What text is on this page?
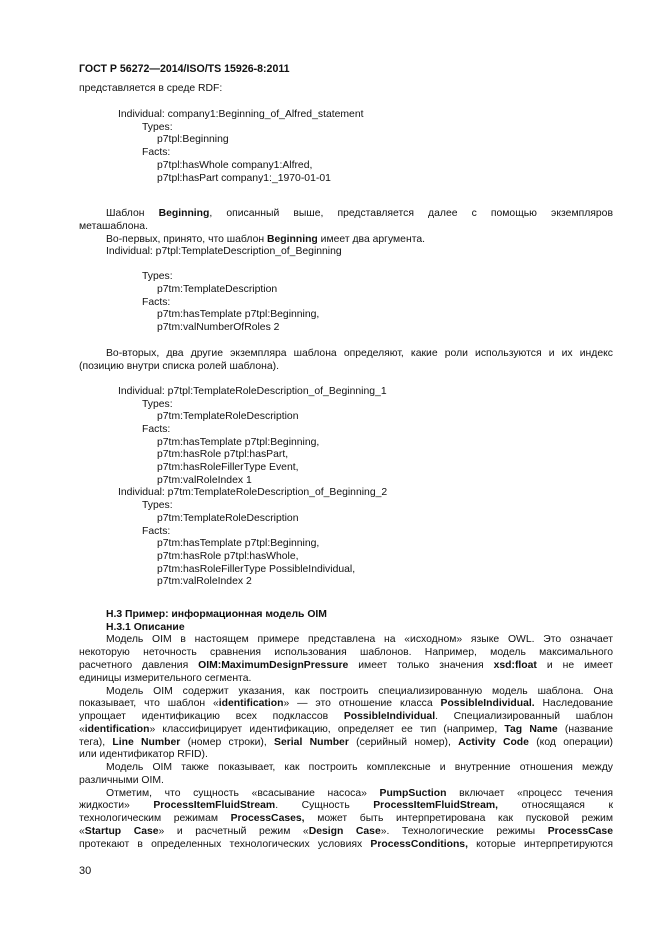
ГОСТ Р 56272—2014/ISO/TS 15926-8:2011
представляется в среде RDF:
Individual: company1:Beginning_of_Alfred_statement
Types:
p7tpl:Beginning
Facts:
p7tpl:hasWhole company1:Alfred,
p7tpl:hasPart company1:_1970-01-01
Шаблон Beginning, описанный выше, представляется далее с помощью экземпляров
меташаблона.
Во-первых, принято, что шаблон Beginning имеет два аргумента.
Individual: p7tpl:TemplateDescription_of_Beginning
Types:
p7tm:TemplateDescription
Facts:
p7tm:hasTemplate p7tpl:Beginning,
p7tm:valNumberOfRoles 2
Во-вторых, два другие экземпляра шаблона определяют, какие роли используются и их индекс
(позицию внутри списка ролей шаблона).
Individual: p7tpl:TemplateRoleDescription_of_Beginning_1
Types:
p7tm:TemplateRoleDescription
Facts:
p7tm:hasTemplate p7tpl:Beginning,
p7tm:hasRole p7tpl:hasPart,
p7tm:hasRoleFillerType Event,
p7tm:valRoleIndex 1
Individual: p7tm:TemplateRoleDescription_of_Beginning_2
Types:
p7tm:TemplateRoleDescription
Facts:
p7tm:hasTemplate p7tpl:Beginning,
p7tm:hasRole p7tpl:hasWhole,
p7tm:hasRoleFillerType PossibleIndividual,
p7tm:valRoleIndex 2
Н.3 Пример: информационная модель OIM
Н.3.1 Описание
Модель OIM в настоящем примере представлена на «исходном» языке OWL. Это означает
некоторую неточность сравнения использования шаблонов. Например, модель максимального
расчетного давления OIM:MaximumDesignPressure имеет только значения xsd:float и не имеет
единицы измерительного сегмента.
Модель OIM содержит указания, как построить специализированную модель шаблона. Она
показывает, что шаблон «identification» — это отношение класса PossibleIndividual. Наследование
упрощает идентификацию всех подклассов PossibleIndividual. Специализированный шаблон
«identification» классифицирует идентификацию, определяет ее тип (например, Tag Name (название
тега), Line Number (номер строки), Serial Number (серийный номер), Activity Code (код операции)
или идентификатор RFID).
Модель OIM также показывает, как построить комплексные и внутренние отношения между
различными OIM.
Отметим, что сущность «всасывание насоса» PumpSuction включает «процесс течения
жидкости» ProcessItemFluidStream. Сущность ProcessItemFluidStream, относящаяся к
технологическим режимам ProcessCases, может быть интерпретирована как пусковой режим
«Startup Case» и расчетный режим «Design Case». Технологические режимы ProcessCase
протекают в определенных технологических условиях ProcessConditions, которые интерпретируются
30
